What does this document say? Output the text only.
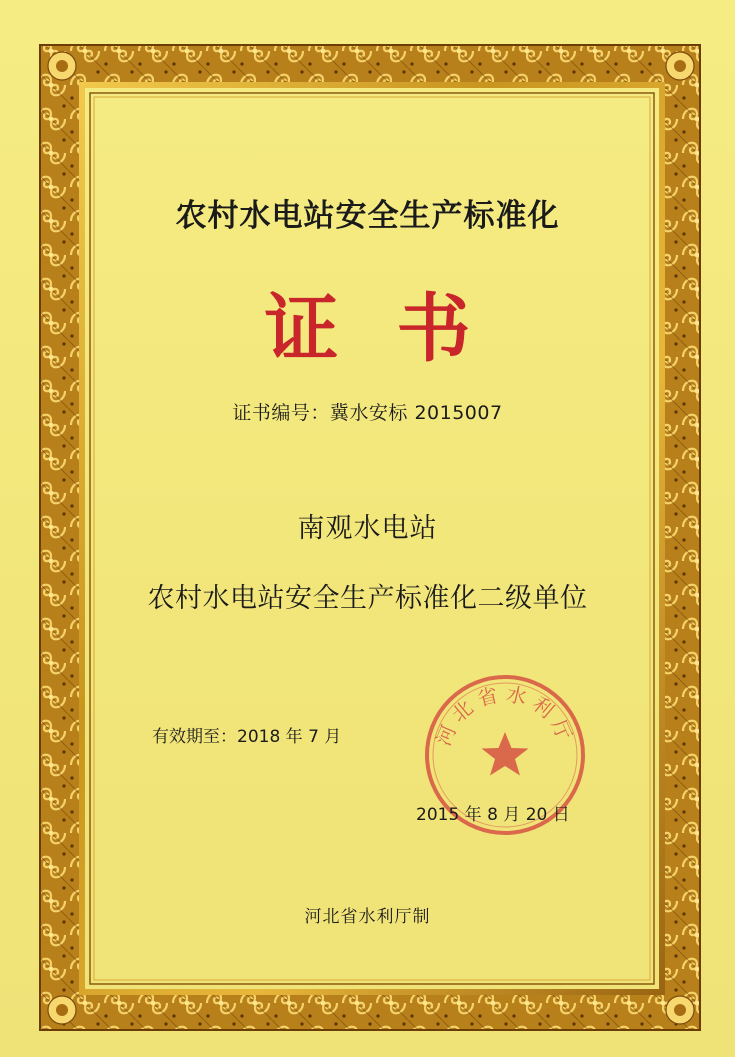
农村水电站安全生产标准化
证书
证书编号：冀水安标 2015007
南观水电站
农村水电站安全生产标准化二级单位
有效期至：2018 年 7 月	河北省水利厅
2015 年 8 月 20 日
河北省水利厅制
